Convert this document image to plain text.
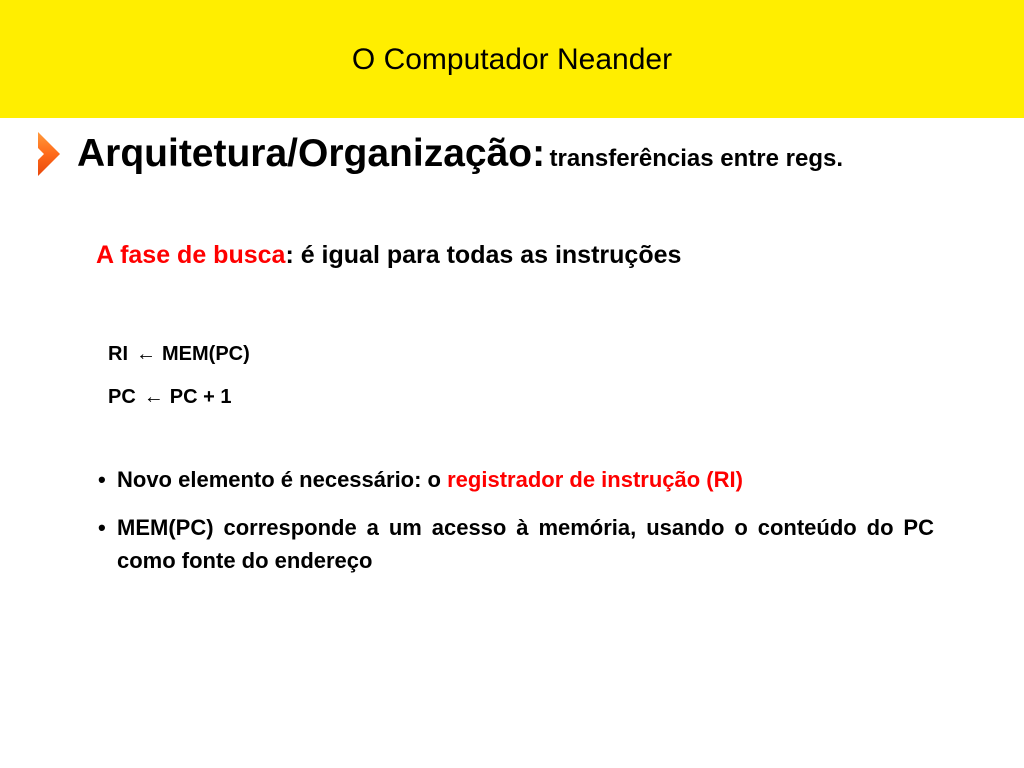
O Computador Neander
Arquitetura/Organização: transferências entre regs.
A fase de busca: é igual para todas as instruções
RI ← MEM(PC)
PC ← PC + 1
• Novo elemento é necessário: o registrador de instrução (RI)
• MEM(PC) corresponde a um acesso à memória, usando o conteúdo do PC como fonte do endereço
